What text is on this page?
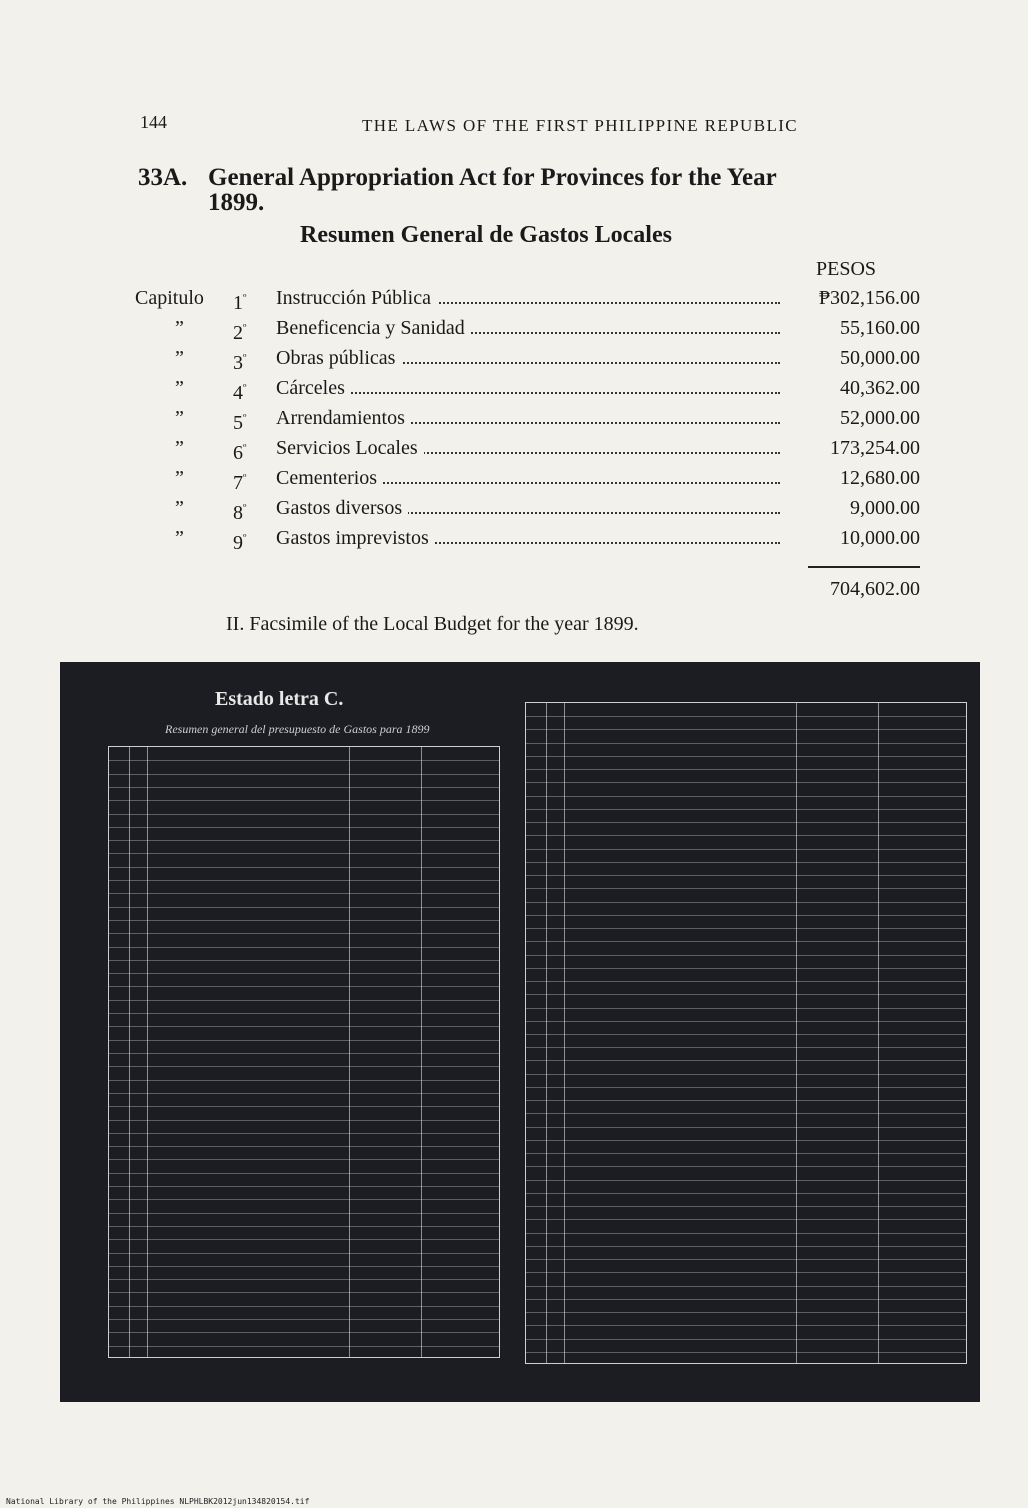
144	THE LAWS OF THE FIRST PHILIPPINE REPUBLIC
33A. General Appropriation Act for Provinces for the Year
1899.
Resumen General de Gastos Locales
PESOS
Capitulo $1^º$ Instrucción Pública	₱302,156.00
” $2^º$ Beneficencia y Sanidad	55,160.00
” $3^º$ Obras públicas	50,000.00
” $4^º$ Cárceles	40,362.00
” $5^º$ Arrendamientos	52,000.00
” $6^º$ Servicios Locales	173,254.00
” $7^º$ Cementerios	12,680.00
” $8^º$ Gastos diversos	9,000.00
” $9^º$ Gastos imprevistos	10,000.00
704,602.00
II. Facsimile of the Local Budget for the year 1899.
Estado letra C.
Resumen general del presupuesto de Gastos para 1899
National Library of the Philippines NLPHLBK2012jun134820154.tif
